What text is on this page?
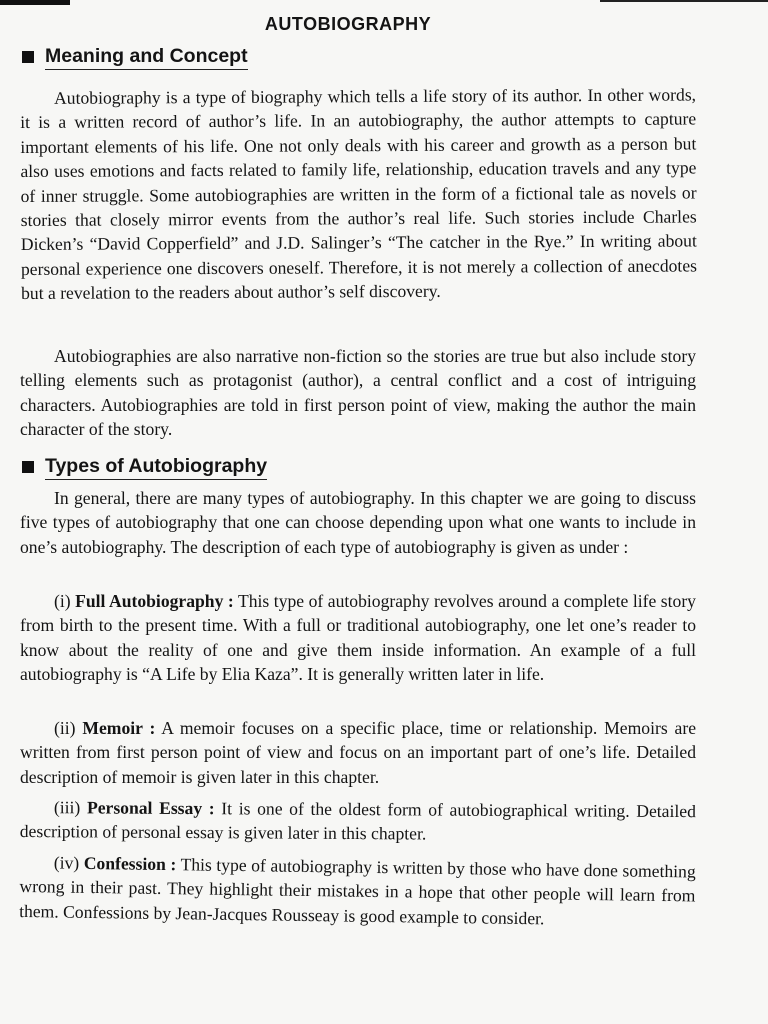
AUTOBIOGRAPHY
Meaning and Concept

Autobiography is a type of biography which tells a life story of its author. In other words, it is a written record of author’s life. In an autobiography, the author attempts to capture important elements of his life. One not only deals with his career and growth as a person but also uses emotions and facts related to family life, relationship, education travels and any type of inner struggle. Some autobiographies are written in the form of a fictional tale as novels or stories that closely mirror events from the author’s real life. Such stories include Charles Dicken’s “David Copperfield” and J.D. Salinger’s “The catcher in the Rye.” In writing about personal experience one discovers oneself. Therefore, it is not merely a collection of anecdotes but a revelation to the readers about author’s self discovery.

Autobiographies are also narrative non-fiction so the stories are true but also include story telling elements such as protagonist (author), a central conflict and a cost of intriguing characters. Autobiographies are told in first person point of view, making the author the main character of the story.

Types of Autobiography

In general, there are many types of autobiography. In this chapter we are going to discuss five types of autobiography that one can choose depending upon what one wants to include in one’s autobiography. The description of each type of autobiography is given as under :

(i) Full Autobiography : This type of autobiography revolves around a complete life story from birth to the present time. With a full or traditional autobiography, one let one’s reader to know about the reality of one and give them inside information. An example of a full autobiography is “A Life by Elia Kaza”. It is generally written later in life.

(ii) Memoir : A memoir focuses on a specific place, time or relationship. Memoirs are written from first person point of view and focus on an important part of one’s life. Detailed description of memoir is given later in this chapter.

(iii) Personal Essay : It is one of the oldest form of autobiographical writing. Detailed description of personal essay is given later in this chapter.

(iv) Confession : This type of autobiography is written by those who have done something wrong in their past. They highlight their mistakes in a hope that other people will learn from them. Confessions by Jean-Jacques Rousseay is good example to consider.
